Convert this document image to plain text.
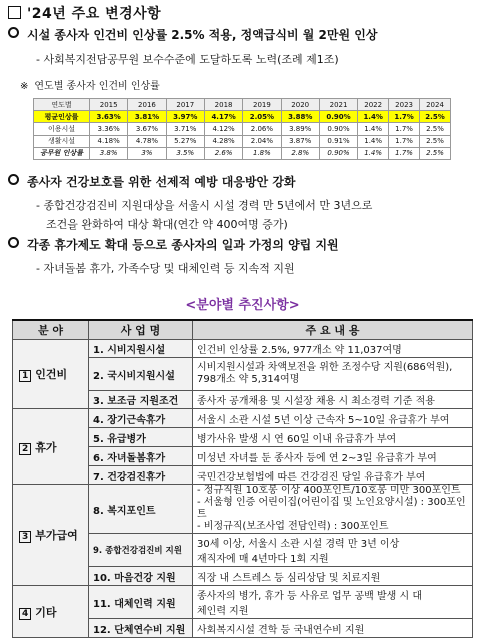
'24년 주요 변경사항
시설 종사자 인건비 인상률 2.5% 적용, 정액급식비 월 2만원 인상
- 사회복지전담공무원 보수수준에 도달하도록 노력(조례 제1조)
※ 연도별 종사자 인건비 인상률
연도별	2015	2016	2017	2018	2019	2020	2021	2022	2023	2024
평균인상률	3.63%	3.81%	3.97%	4.17%	2.05%	3.88%	0.90%	1.4%	1.7%	2.5%
이용시설	3.36%	3.67%	3.71%	4.12%	2.06%	3.89%	0.90%	1.4%	1.7%	2.5%
생활시설	4.18%	4.78%	5.27%	4.28%	2.04%	3.87%	0.91%	1.4%	1.7%	2.5%
공무원 인상률	3.8%	3%	3.5%	2.6%	1.8%	2.8%	0.90%	1.4%	1.7%	2.5%
종사자 건강보호를 위한 선제적 예방 대응방안 강화
- 종합건강검진비 지원대상을 서울시 시설 경력 만 5년에서 만 3년으로
조건을 완화하여 대상 확대(연간 약 400여명 증가)
각종 휴가제도 확대 등으로 종사자의 일과 가정의 양립 지원
- 자녀돌봄 휴가, 가족수당 및 대체인력 등 지속적 지원
<분야별 추진사항>
분 야	사 업 명	주 요 내 용
1 인건비	1. 시비지원시설	인건비 인상률 2.5%, 977개소 약 11,037여명
	2. 국시비지원시설	시비지원시설과 차액보전을 위한 조정수당 지원(686억원),
798개소 약 5,314여명

	3. 보조금 지원조건	종사자 공개채용 및 시설장 채용 시 최소경력 기준 적용
2 휴가	4. 장기근속휴가	서울시 소관 시설 5년 이상 근속자 5~10일 유급휴가 부여
	5. 유급병가	병가사유 발생 시 연 60일 이내 유급휴가 부여
	6. 자녀돌봄휴가	미성년 자녀를 둔 종사자 등에 연 2~3일 유급휴가 부여
	7. 건강검진휴가	국민건강보험법에 따른 건강검진 당일 유급휴가 부여
3 부가급여	8. 복지포인트	- 정규직원 10호봉 이상 400포인트/10호봉 미만 300포인트
- 서울형 인증 어린이집(어린이집 및 노인요양시설) : 300포인트
- 비정규직(보조사업 전담인력) : 300포인트

	9. 종합건강검진비 지원	30세 이상, 서울시 소관 시설 경력 만 3년 이상
재직자에 매 4년마다 1회 지원

	10. 마음건강 지원	직장 내 스트레스 등 심리상담 및 치료지원
4 기타	11. 대체인력 지원	종사자의 병가, 휴가 등 사유로 업무 공백 발생 시 대
체인력 지원

	12. 단체연수비 지원	사회복지시설 견학 등 국내연수비 지원
